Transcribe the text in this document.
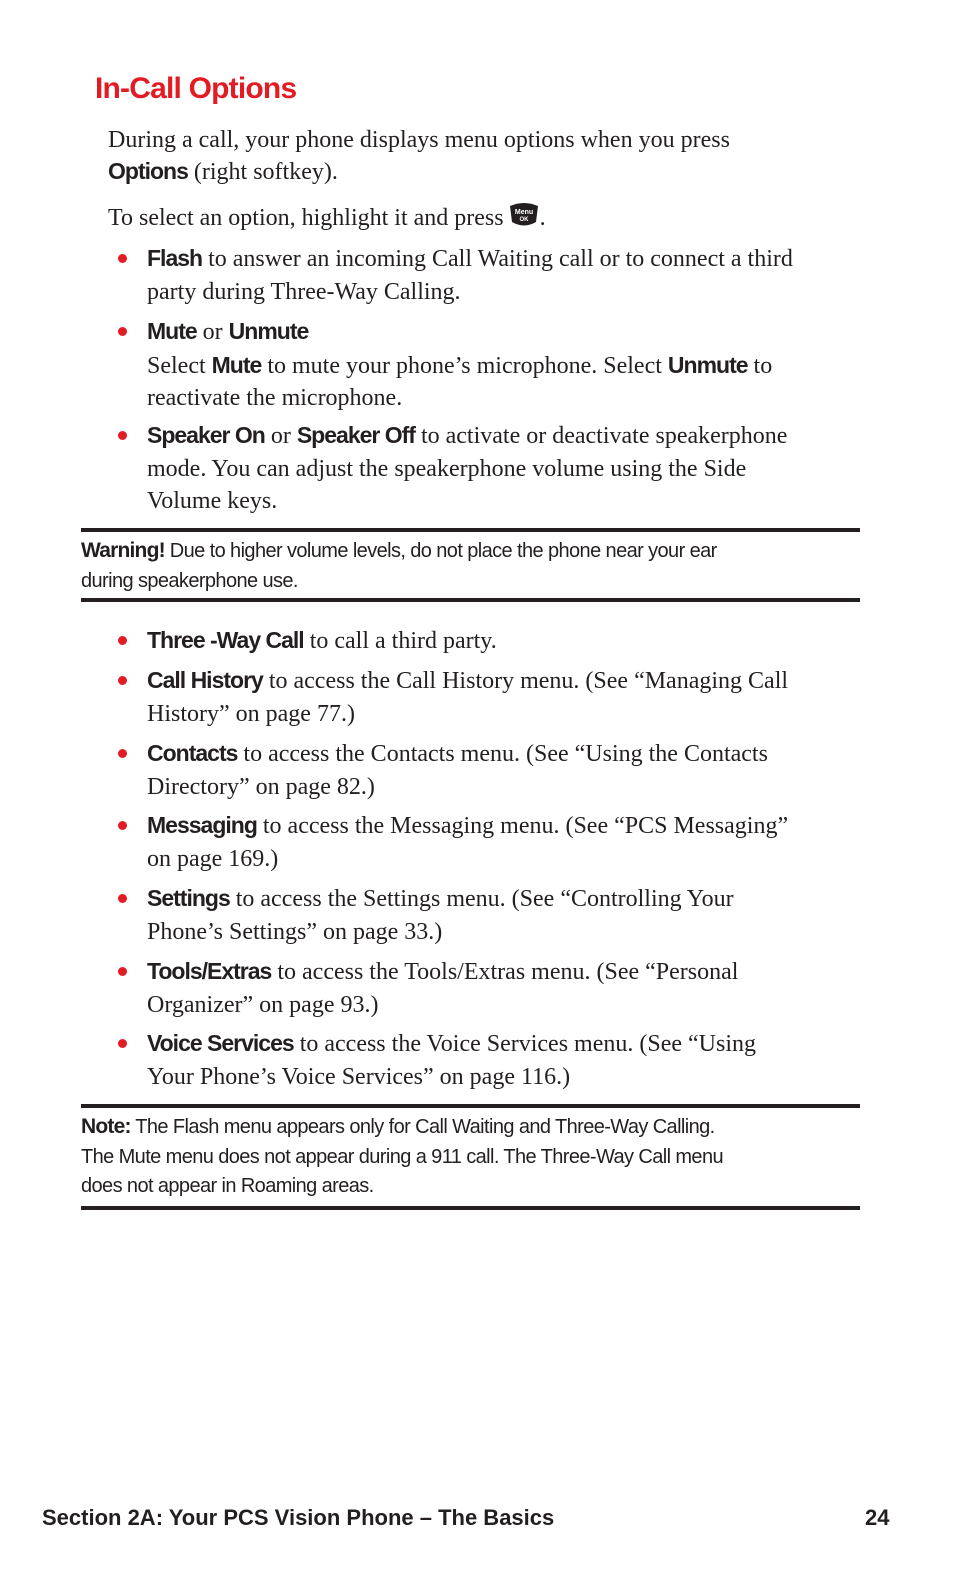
In-Call Options

During a call, your phone displays menu options when you press
Options (right softkey).

To select an option, highlight it and press Menu
OK .

Flash to answer an incoming Call Waiting call or to connect a third
party during Three-Way Calling.
Mute or Unmute
Select Mute to mute your phone’s microphone. Select Unmute to
reactivate the microphone.
Speaker On or Speaker Off to activate or deactivate speakerphone
mode. You can adjust the speakerphone volume using the Side
Volume keys.
Warning! Due to higher volume levels, do not place the phone near your ear
during speakerphone use.
Three -Way Call to call a third party.
Call History to access the Call History menu. (See “Managing Call
History” on page 77.)
Contacts to access the Contacts menu. (See “Using the Contacts
Directory” on page 82.)
Messaging to access the Messaging menu. (See “PCS Messaging”
on page 169.)
Settings to access the Settings menu. (See “Controlling Your
Phone’s Settings” on page 33.)
Tools/Extras to access the Tools/Extras menu. (See “Personal
Organizer” on page 93.)
Voice Services to access the Voice Services menu. (See “Using
Your Phone’s Voice Services” on page 116.)
Note: The Flash menu appears only for Call Waiting and Three-Way Calling.
The Mute menu does not appear during a 911 call. The Three-Way Call menu
does not appear in Roaming areas.
Section 2A: Your PCS Vision Phone – The Basics	24
